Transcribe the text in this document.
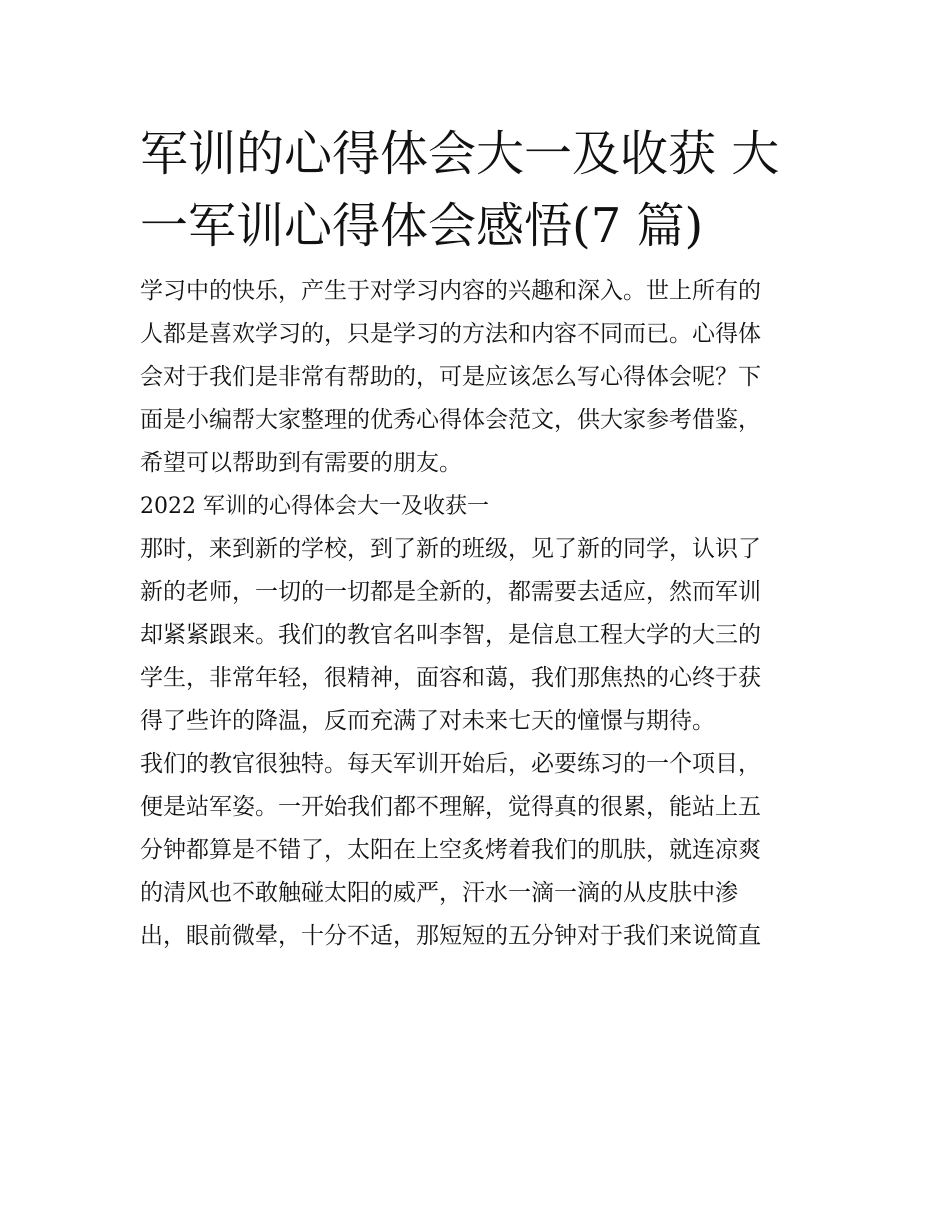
军训的心得体会大一及收获 大
一军训心得体会感悟(7 篇)

学习中的快乐，产生于对学习内容的兴趣和深入。世上所有的
人都是喜欢学习的，只是学习的方法和内容不同而已。心得体
会对于我们是非常有帮助的，可是应该怎么写心得体会呢？下
面是小编帮大家整理的优秀心得体会范文，供大家参考借鉴，
希望可以帮助到有需要的朋友。

2022 军训的心得体会大一及收获一

那时，来到新的学校，到了新的班级，见了新的同学，认识了
新的老师，一切的一切都是全新的，都需要去适应，然而军训
却紧紧跟来。我们的教官名叫李智，是信息工程大学的大三的
学生，非常年轻，很精神，面容和蔼，我们那焦热的心终于获
得了些许的降温，反而充满了对未来七天的憧憬与期待。

我们的教官很独特。每天军训开始后，必要练习的一个项目，
便是站军姿。一开始我们都不理解，觉得真的很累，能站上五
分钟都算是不错了，太阳在上空炙烤着我们的肌肤，就连凉爽
的清风也不敢触碰太阳的威严，汗水一滴一滴的从皮肤中渗
出，眼前微晕，十分不适，那短短的五分钟对于我们来说简直
